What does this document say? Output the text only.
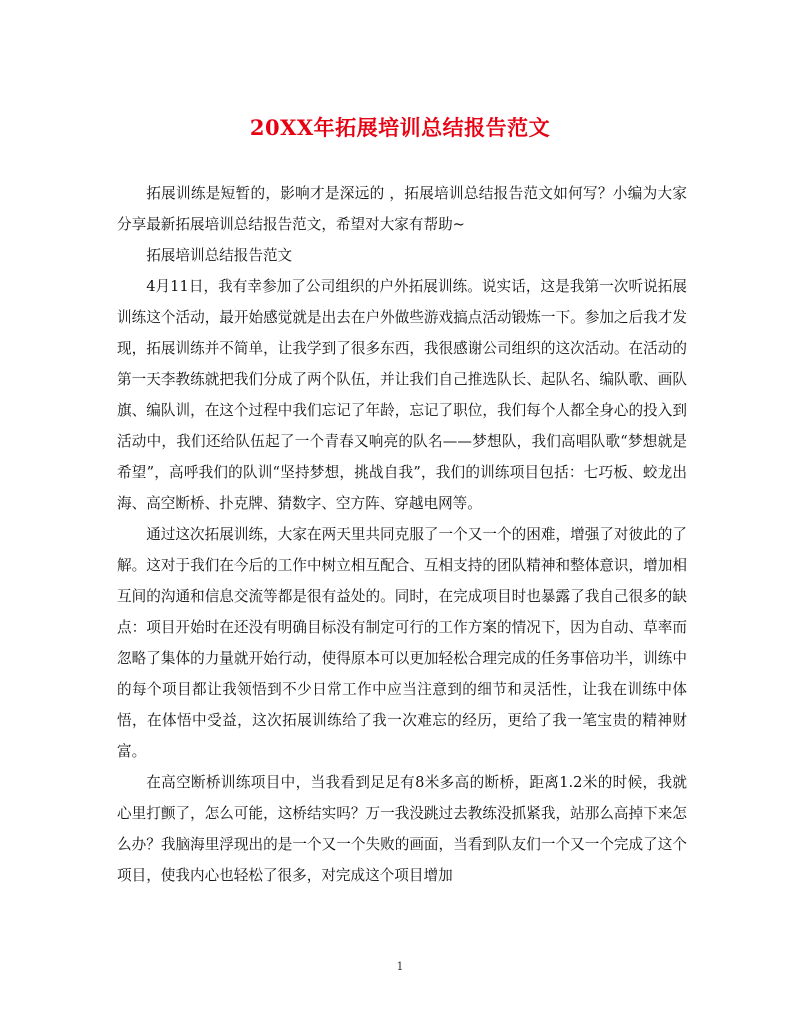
20XX年拓展培训总结报告范文

拓展训练是短暂的，影响才是深远的 ，拓展培训总结报告范文如何写？小编为大家分享最新拓展培训总结报告范文，希望对大家有帮助~

拓展培训总结报告范文

4月11日，我有幸参加了公司组织的户外拓展训练。说实话，这是我第一次听说拓展训练这个活动，最开始感觉就是出去在户外做些游戏搞点活动锻炼一下。参加之后我才发现，拓展训练并不简单，让我学到了很多东西，我很感谢公司组织的这次活动。在活动的第一天李教练就把我们分成了两个队伍，并让我们自己推选队长、起队名、编队歌、画队旗、编队训，在这个过程中我们忘记了年龄，忘记了职位，我们每个人都全身心的投入到活动中，我们还给队伍起了一个青春又响亮的队名——梦想队，我们高唱队歌“梦想就是希望”，高呼我们的队训“坚持梦想，挑战自我”，我们的训练项目包括：七巧板、蛟龙出海、高空断桥、扑克牌、猜数字、空方阵、穿越电网等。

通过这次拓展训练，大家在两天里共同克服了一个又一个的困难，增强了对彼此的了解。这对于我们在今后的工作中树立相互配合、互相支持的团队精神和整体意识，增加相互间的沟通和信息交流等都是很有益处的。同时，在完成项目时也暴露了我自己很多的缺点：项目开始时在还没有明确目标没有制定可行的工作方案的情况下，因为自动、草率而忽略了集体的力量就开始行动，使得原本可以更加轻松合理完成的任务事倍功半，训练中的每个项目都让我领悟到不少日常工作中应当注意到的细节和灵活性，让我在训练中体悟，在体悟中受益，这次拓展训练给了我一次难忘的经历，更给了我一笔宝贵的精神财富。

在高空断桥训练项目中，当我看到足足有8米多高的断桥，距离1.2米的时候，我就心里打颤了，怎么可能，这桥结实吗？万一我没跳过去教练没抓紧我，站那么高掉下来怎么办？我脑海里浮现出的是一个又一个失败的画面，当看到队友们一个又一个完成了这个项目，使我内心也轻松了很多，对完成这个项目增加

1
